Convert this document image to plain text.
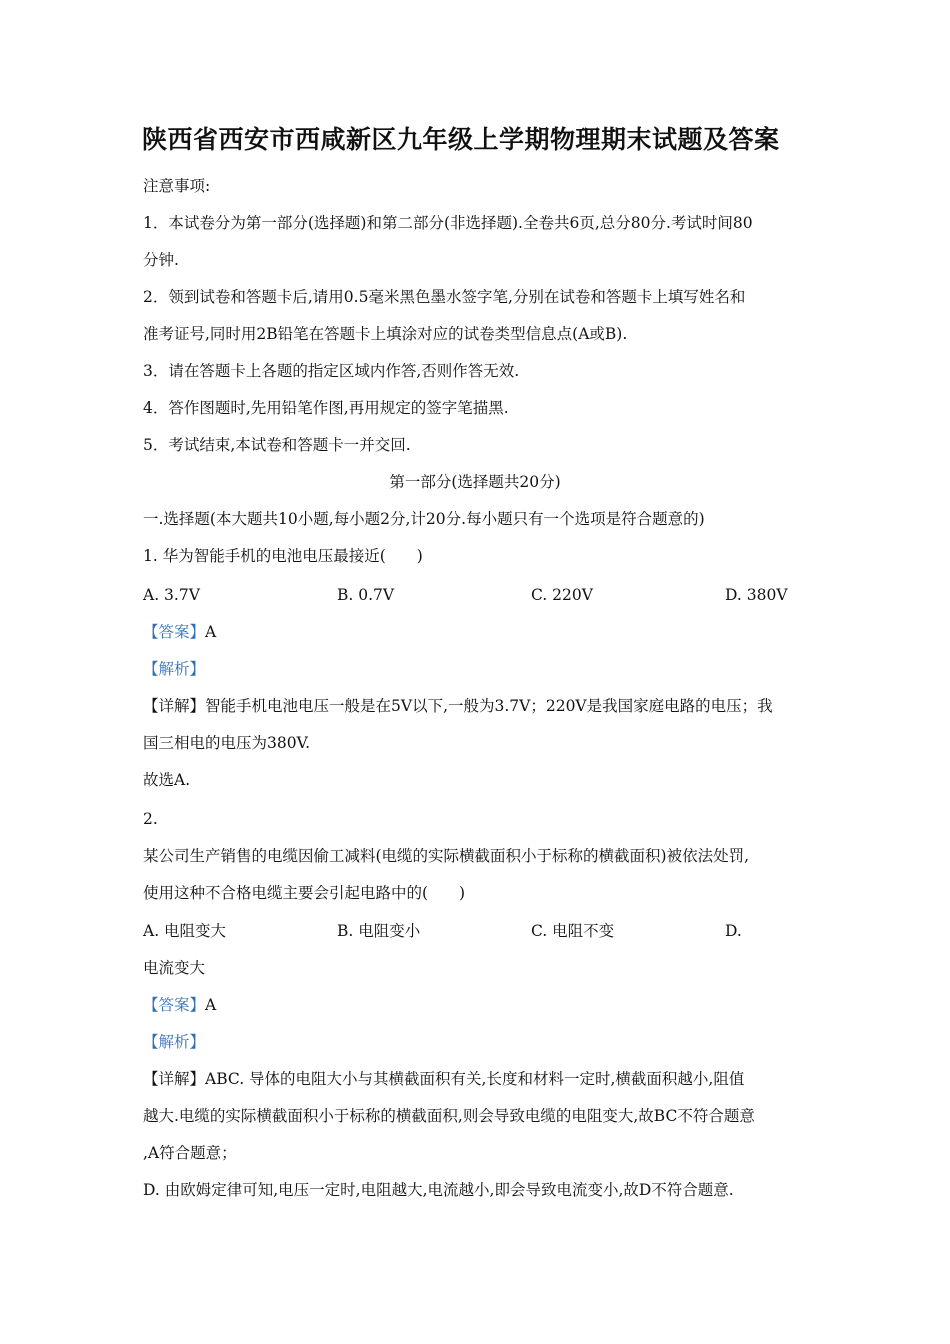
陕西省西安市西咸新区九年级上学期物理期末试题及答案
注意事项:
1．本试卷分为第一部分(选择题)和第二部分(非选择题).全卷共6页,总分80分.考试时间80
分钟.
2．领到试卷和答题卡后,请用0.5毫米黑色墨水签字笔,分别在试卷和答题卡上填写姓名和
准考证号,同时用2B铅笔在答题卡上填涂对应的试卷类型信息点(A或B).
3．请在答题卡上各题的指定区域内作答,否则作答无效.
4．答作图题时,先用铅笔作图,再用规定的签字笔描黑.
5．考试结束,本试卷和答题卡一并交回.
第一部分(选择题共20分)
一.选择题(本大题共10小题,每小题2分,计20分.每小题只有一个选项是符合题意的)
1. 华为智能手机的电池电压最接近(　　)
A. 3.7V	B. 0.7V	C. 220V	D. 380V
【答案】A
【解析】
【详解】智能手机电池电压一般是在5V以下,一般为3.7V；220V是我国家庭电路的电压；我
国三相电的电压为380V.
故选A.
2.
某公司生产销售的电缆因偷工减料(电缆的实际横截面积小于标称的横截面积)被依法处罚,
使用这种不合格电缆主要会引起电路中的(　　)
A. 电阻变大	B. 电阻变小	C. 电阻不变	D.
电流变大
【答案】A
【解析】
【详解】ABC. 导体的电阻大小与其横截面积有关,长度和材料一定时,横截面积越小,阻值
越大.电缆的实际横截面积小于标称的横截面积,则会导致电缆的电阻变大,故BC不符合题意
,A符合题意；
D. 由欧姆定律可知,电压一定时,电阻越大,电流越小,即会导致电流变小,故D不符合题意.
